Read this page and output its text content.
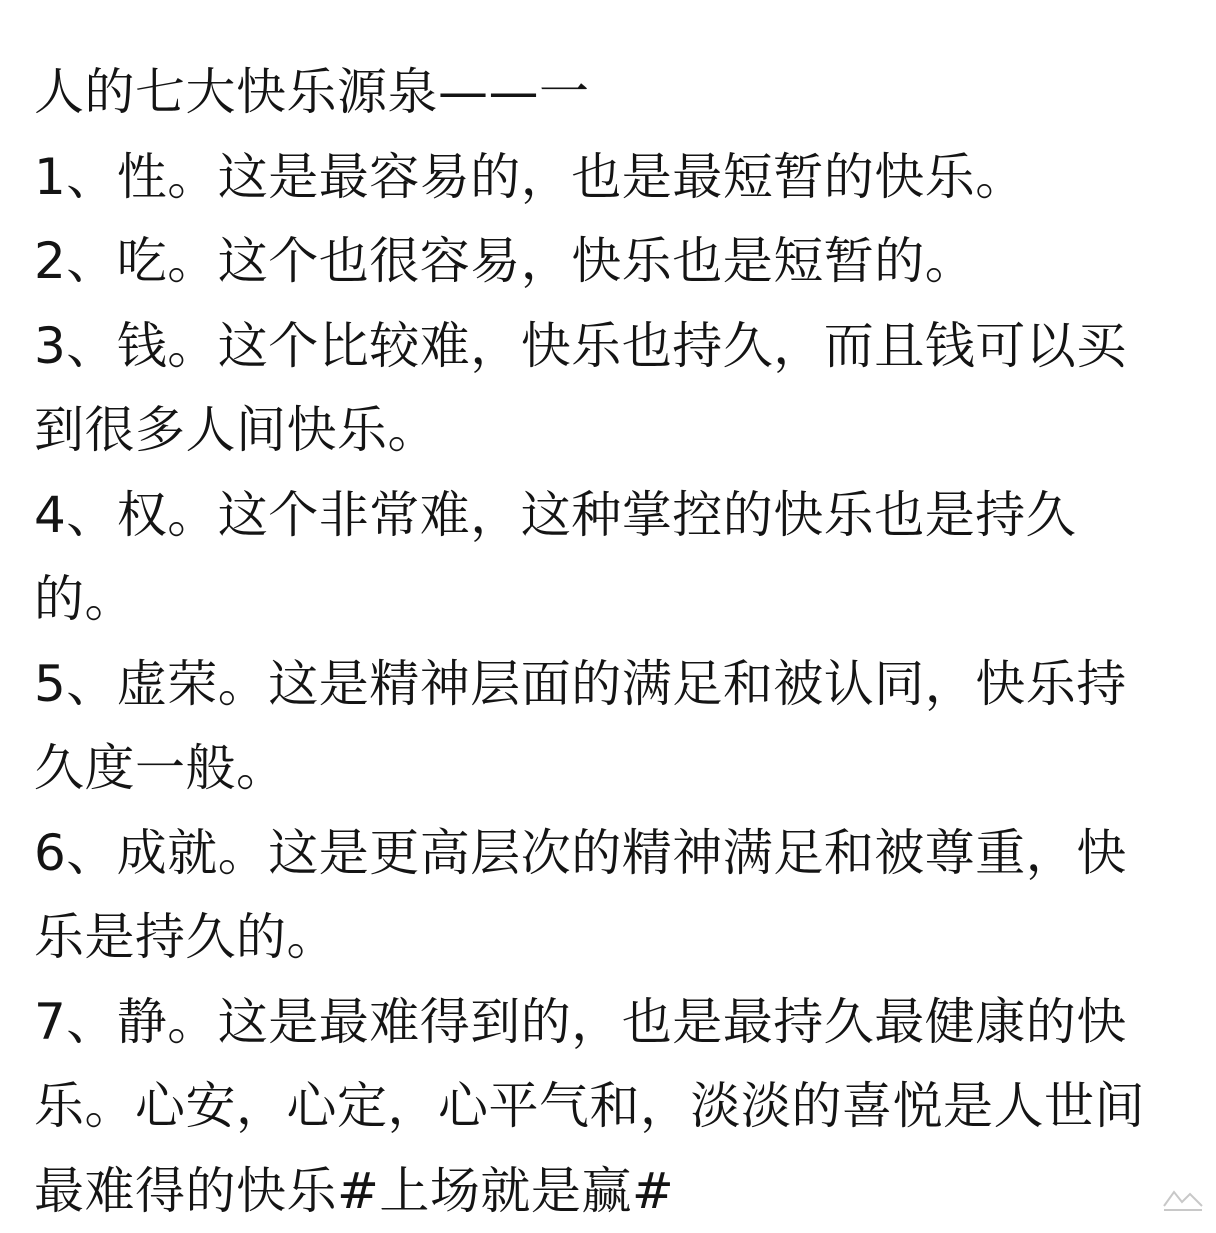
人的七大快乐源泉——一
1、性。这是最容易的，也是最短暂的快乐。
2、吃。这个也很容易，快乐也是短暂的。
3、钱。这个比较难，快乐也持久，而且钱可以买
到很多人间快乐。
4、权。这个非常难，这种掌控的快乐也是持久
的。
5、虚荣。这是精神层面的满足和被认同，快乐持
久度一般。
6、成就。这是更高层次的精神满足和被尊重，快
乐是持久的。
7、静。这是最难得到的，也是最持久最健康的快
乐。心安，心定，心平气和，淡淡的喜悦是人世间
最难得的快乐#上场就是赢#
